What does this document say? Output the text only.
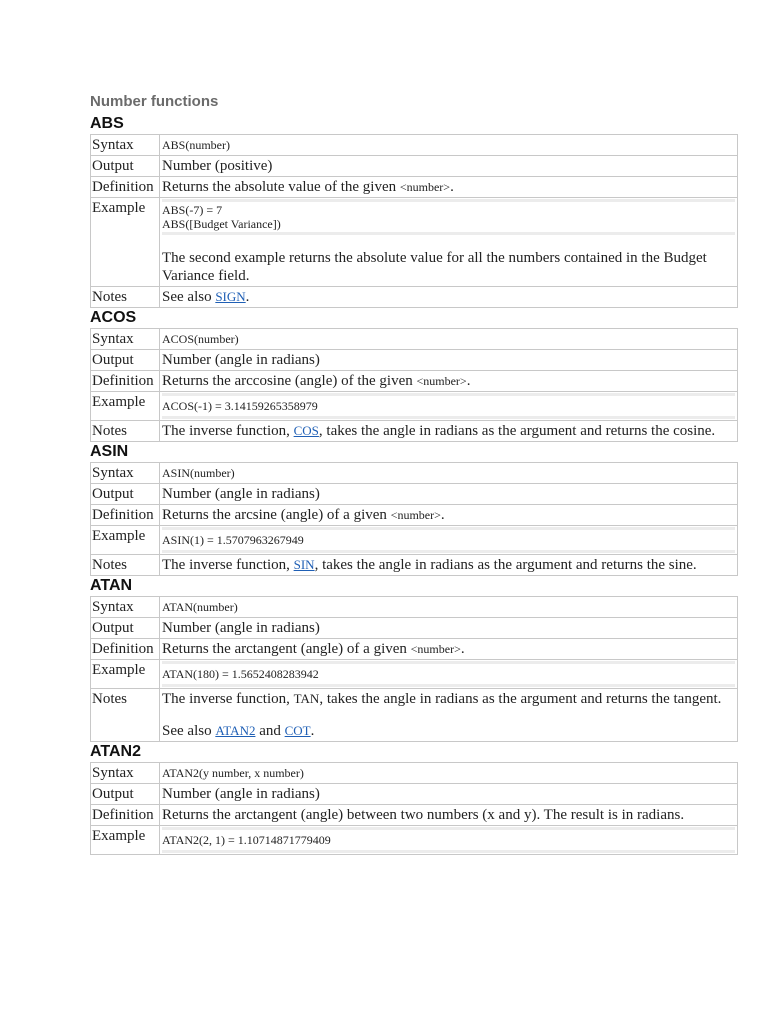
Number functions
ABS
Syntax	ABS(number)
Output	Number (positive)
Definition	Returns the absolute value of the given <number>.
Example	ABS(-7) = 7
ABS([Budget Variance])
The second example returns the absolute value for all the numbers contained in the Budget Variance field.

Notes	See also SIGN.
ACOS
Syntax	ACOS(number)
Output	Number (angle in radians)
Definition	Returns the arccosine (angle) of the given <number>.
Example	ACOS(-1) = 3.14159265358979

Notes	The inverse function, COS, takes the angle in radians as the argument and returns the cosine.
ASIN
Syntax	ASIN(number)
Output	Number (angle in radians)
Definition	Returns the arcsine (angle) of a given <number>.
Example	ASIN(1) = 1.5707963267949

Notes	The inverse function, SIN, takes the angle in radians as the argument and returns the sine.
ATAN
Syntax	ATAN(number)
Output	Number (angle in radians)
Definition	Returns the arctangent (angle) of a given <number>.
Example	ATAN(180) = 1.5652408283942

Notes	The inverse function, TAN, takes the angle in radians as the argument and returns the tangent.
See also ATAN2 and COT.
ATAN2
Syntax	ATAN2(y number, x number)
Output	Number (angle in radians)
Definition	Returns the arctangent (angle) between two numbers (x and y). The result is in radians.
Example	ATAN2(2, 1) = 1.10714871779409
